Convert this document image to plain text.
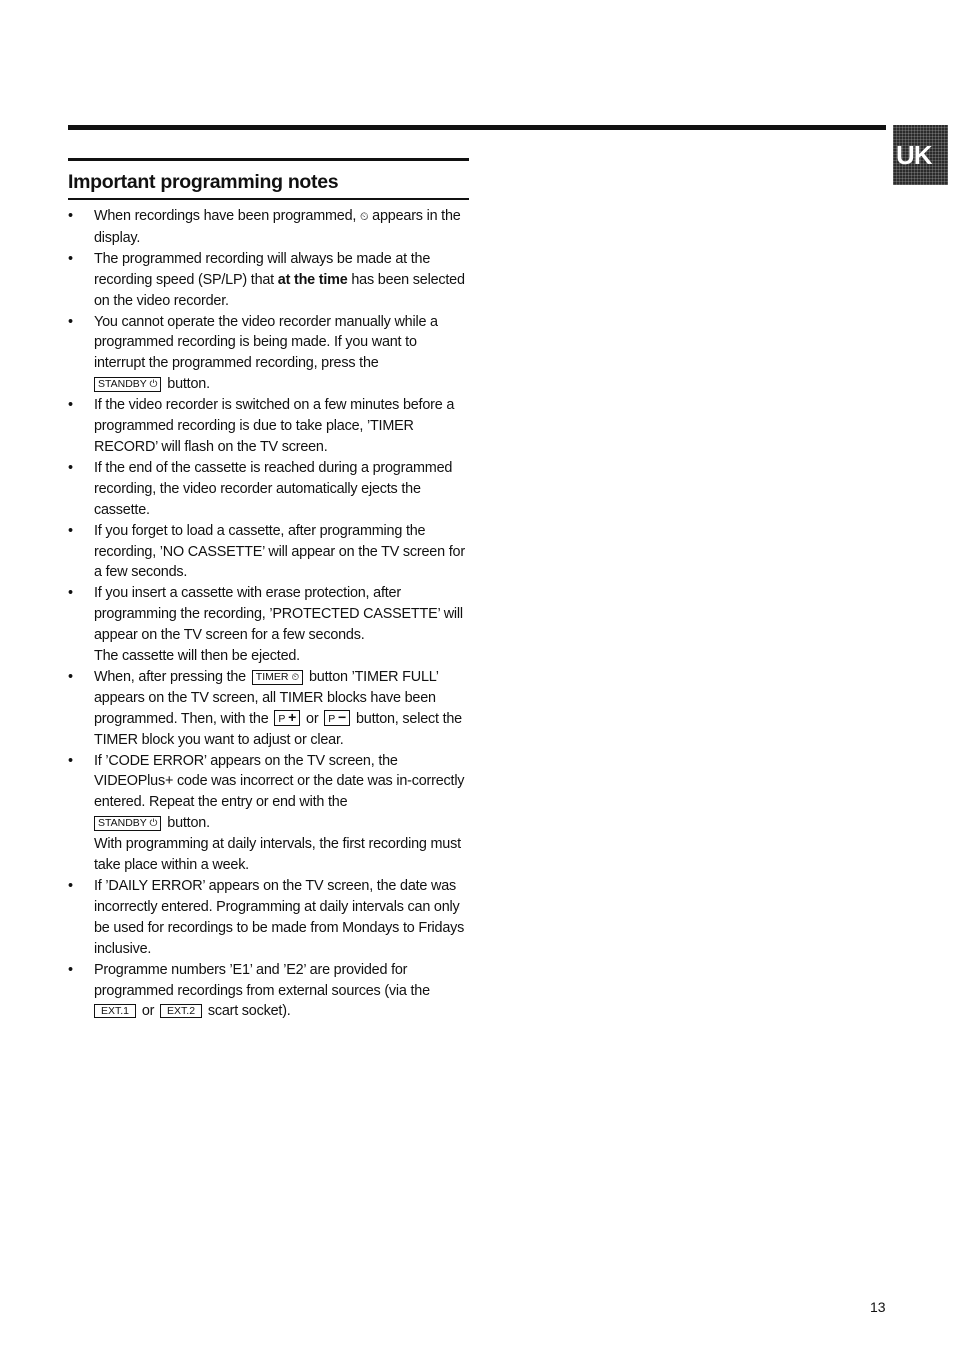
UK
Important programming notes
• When recordings have been programmed, ⏲ appears in the display.
• The programmed recording will always be made at the recording speed (SP/LP) that at the time has been selected on the video recorder.
• You cannot operate the video recorder manually while a programmed recording is being made. If you want to interrupt the programmed recording, press the
STANDBY ⏻ button.
• If the video recorder is switched on a few minutes before a programmed recording is due to take place, ’TIMER RECORD’ will flash on the TV screen.
• If the end of the cassette is reached during a programmed recording, the video recorder automatically ejects the cassette.
• If you forget to load a cassette, after programming the recording, ’NO CASSETTE’ will appear on the TV screen for a few seconds.
• If you insert a cassette with erase protection, after programming the recording, ’PROTECTED CASSETTE’ will appear on the TV screen for a few seconds.
The cassette will then be ejected.
• When, after pressing the TIMER ⏲ button ’TIMER FULL’ appears on the TV screen, all TIMER blocks have been programmed. Then, with the P + or P − button, select the TIMER block you want to adjust or clear.
• If ’CODE ERROR’ appears on the TV screen, the VIDEOPlus+ code was incorrect or the date was in-correctly entered. Repeat the entry or end with the
STANDBY ⏻ button.
With programming at daily intervals, the first recording must take place within a week.
• If ’DAILY ERROR’ appears on the TV screen, the date was incorrectly entered. Programming at daily intervals can only be used for recordings to be made from Mondays to Fridays inclusive.
• Programme numbers ’E1’ and ’E2’ are provided for programmed recordings from external sources (via the
EXT.1 or EXT.2 scart socket).
13
